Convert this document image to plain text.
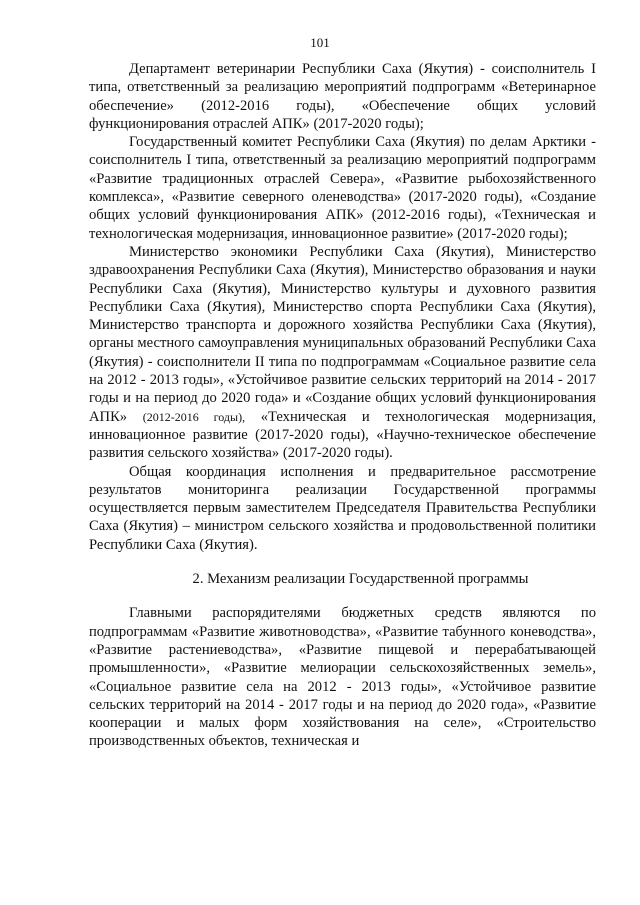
101

Департамент ветеринарии Республики Саха (Якутия) - соисполнитель I типа, ответственный за реализацию мероприятий подпрограмм «Ветеринарное обеспечение» (2012-2016 годы), «Обеспечение общих условий функционирования отраслей АПК» (2017-2020 годы);

Государственный комитет Республики Саха (Якутия) по делам Арктики - соисполнитель I типа, ответственный за реализацию мероприятий подпрограмм «Развитие традиционных отраслей Севера», «Развитие рыбохозяйственного комплекса», «Развитие северного оленеводства» (2017-2020 годы), «Создание общих условий функционирования АПК» (2012-2016 годы), «Техническая и технологическая модернизация, инновационное развитие» (2017-2020 годы);

Министерство экономики Республики Саха (Якутия), Министерство здравоохранения Республики Саха (Якутия), Министерство образования и науки Республики Саха (Якутия), Министерство культуры и духовного развития Республики Саха (Якутия), Министерство спорта Республики Саха (Якутия), Министерство транспорта и дорожного хозяйства Республики Саха (Якутия), органы местного самоуправления муниципальных образований Республики Саха (Якутия) - соисполнители II типа по подпрограммам «Социальное развитие села на 2012 - 2013 годы», «Устойчивое развитие сельских территорий на 2014 - 2017 годы и на период до 2020 года» и «Создание общих условий функционирования АПК» (2012-2016 годы), «Техническая и технологическая модернизация, инновационное развитие (2017-2020 годы), «Научно-техническое обеспечение развития сельского хозяйства» (2017-2020 годы).

Общая координация исполнения и предварительное рассмотрение результатов мониторинга реализации Государственной программы осуществляется первым заместителем Председателя Правительства Республики Саха (Якутия) – министром сельского хозяйства и продовольственной политики Республики Саха (Якутия).

2. Механизм реализации Государственной программы

Главными распорядителями бюджетных средств являются по подпрограммам «Развитие животноводства», «Развитие табунного коневодства», «Развитие растениеводства», «Развитие пищевой и перерабатывающей промышленности», «Развитие мелиорации сельскохозяйственных земель», «Социальное развитие села на 2012 - 2013 годы», «Устойчивое развитие сельских территорий на 2014 - 2017 годы и на период до 2020 года», «Развитие кооперации и малых форм хозяйствования на селе», «Строительство производственных объектов, техническая и
